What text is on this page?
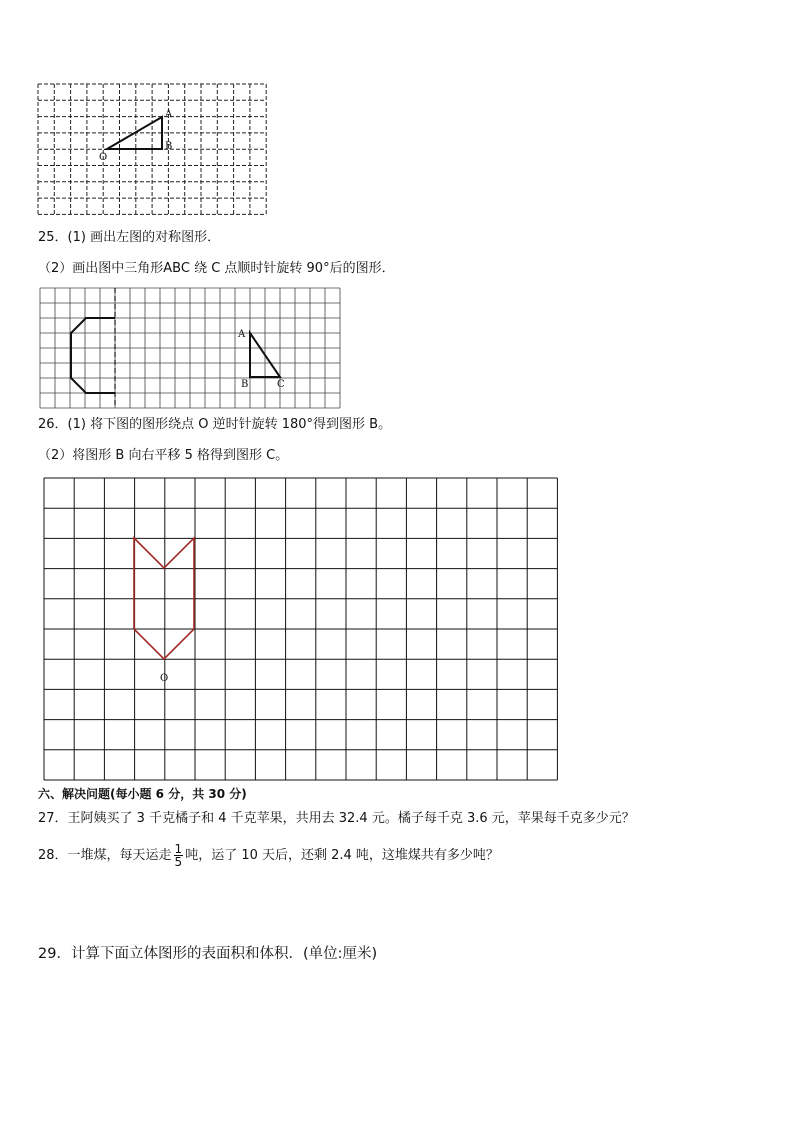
A
B
O
25．(1) 画出左图的对称图形．
（2）画出图中三角形ABC 绕 C 点顺时针旋转 90°后的图形．
A
B	C
26．(1) 将下图的图形绕点 O 逆时针旋转 180°得到图形 B。
（2）将图形 B 向右平移 5 格得到图形 C。
O
六、解决问题(每小题 6 分，共 30 分)
27．王阿姨买了 3 千克橘子和 4 千克苹果，共用去 32.4 元。橘子每千克 3.6 元，苹果每千克多少元？
28．一堆煤，每天运走 $\frac{1}{5}$ 吨，运了 10 天后，还剩 2.4 吨，这堆煤共有多少吨？
29．计算下面立体图形的表面积和体积．(单位:厘米)
